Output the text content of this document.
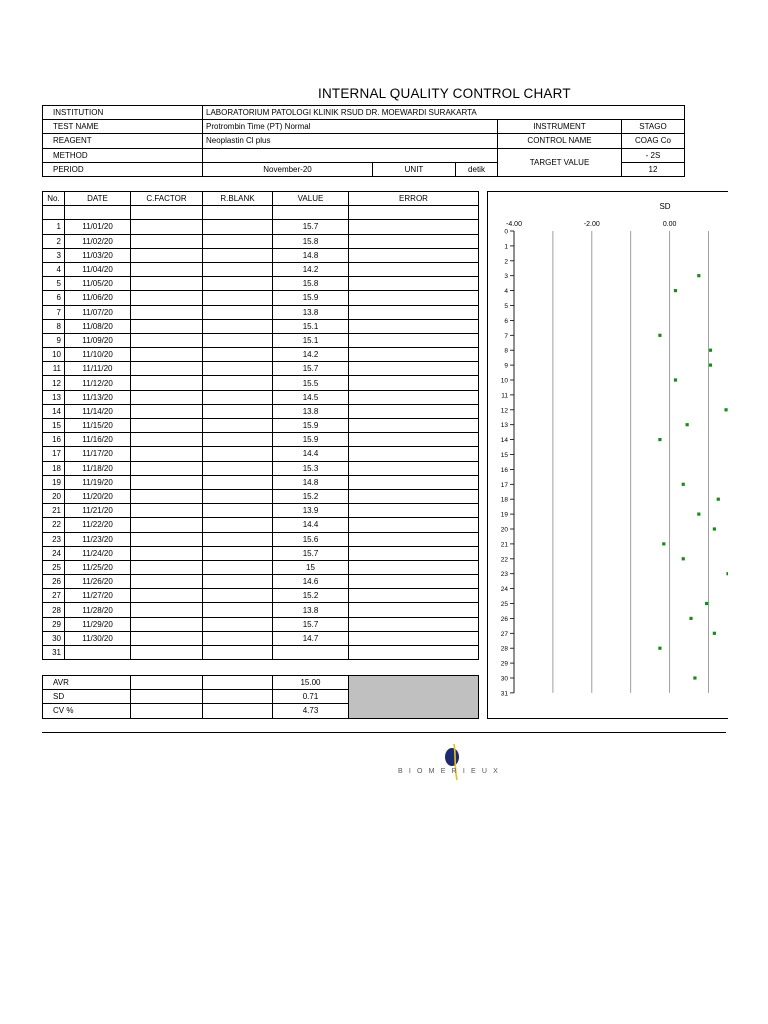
INTERNAL QUALITY CONTROL CHART
INSTITUTION	LABORATORIUM PATOLOGI KLINIK RSUD DR. MOEWARDI SURAKARTA				
TEST NAME	Protrombin Time (PT) Normal			INSTRUMENT	STAGO
REAGENT	Neoplastin Cl plus			CONTROL NAME	COAG Co
METHOD				TARGET VALUE	- 2S
PERIOD	November-20	UNIT	detik		12
No.	DATE	C.FACTOR	R.BLANK	VALUE	ERROR

1	11/01/20			15.7	
2	11/02/20			15.8	
3	11/03/20			14.8	
4	11/04/20			14.2	
5	11/05/20			15.8	
6	11/06/20			15.9	
7	11/07/20			13.8	
8	11/08/20			15.1	
9	11/09/20			15.1	
10	11/10/20			14.2	
11	11/11/20			15.7	
12	11/12/20			15.5	
13	11/13/20			14.5	
14	11/14/20			13.8	
15	11/15/20			15.9	
16	11/16/20			15.9	
17	11/17/20			14.4	
18	11/18/20			15.3	
19	11/19/20			14.8	
20	11/20/20			15.2	
21	11/21/20			13.9	
22	11/22/20			14.4	
23	11/23/20			15.6	
24	11/24/20			15.7	
25	11/25/20			15	
26	11/26/20			14.6	
27	11/27/20			15.2	
28	11/28/20			13.8	
29	11/29/20			15.7	
30	11/30/20			14.7	
31					
AVR			15.00	
SD			0.71	
CV %			4.73	
SD
-4.00	-2.00	0.00
0
1
2
3
4
5
6
7
8
9
10
11
12
13
14
15
16
17
18
19
20
21
22
23
24
25
26
27
28
29
30
31
BIOMERIEUX
